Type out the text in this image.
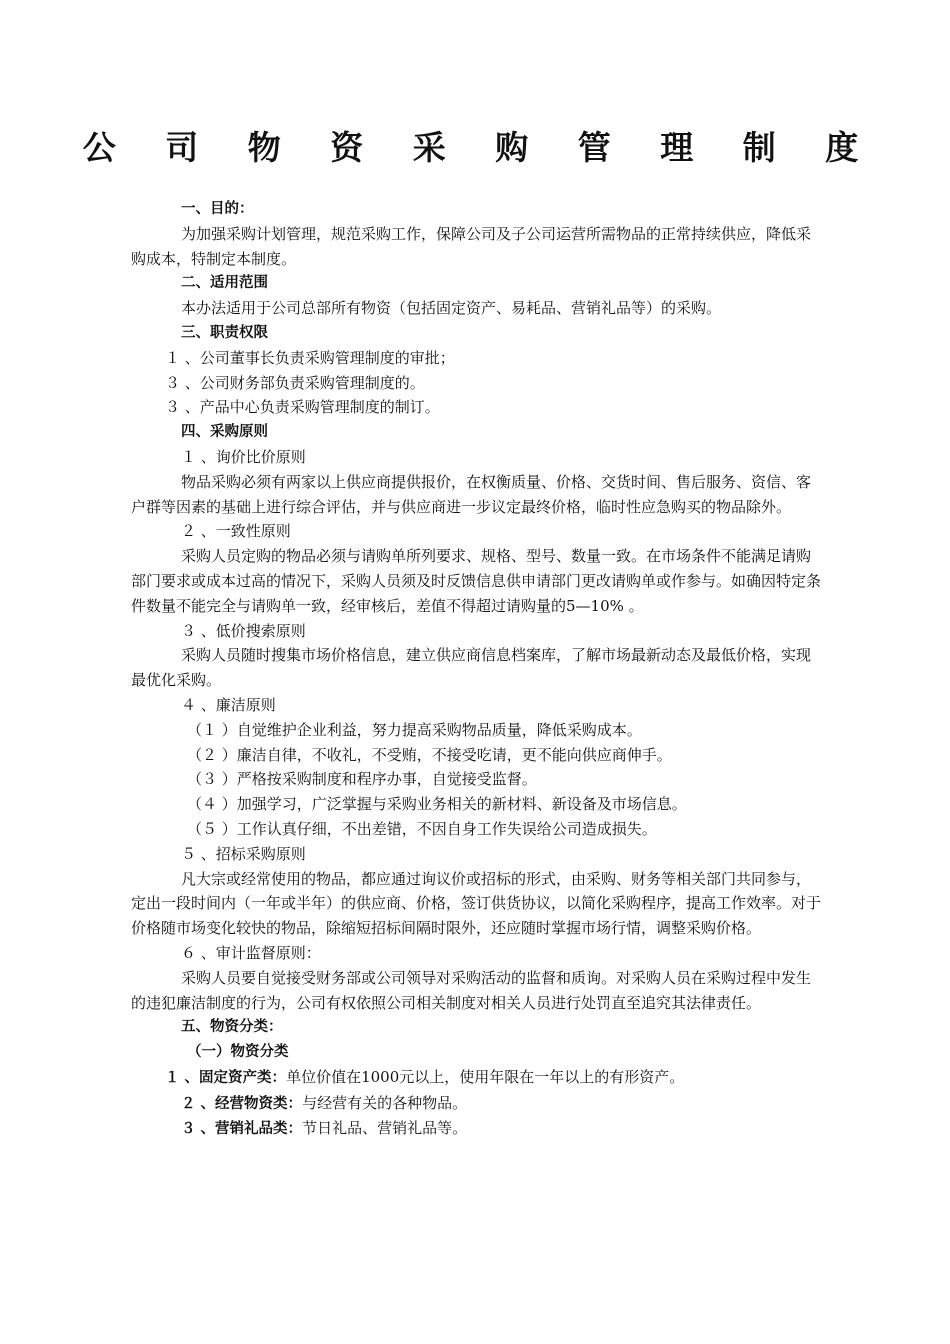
公 司 物 资 采 购 管 理 制 度

一、目的：

为加强采购计划管理，规范采购工作，保障公司及子公司运营所需物品的正常持续供应，降低采购成本，特制定本制度。

二、适用范围

本办法适用于公司总部所有物资（包括固定资产、易耗品、营销礼品等）的采购。

三、职责权限

１ 、公司董事长负责采购管理制度的审批；

３ 、公司财务部负责采购管理制度的。

３ 、产品中心负责采购管理制度的制订。

四、采购原则

１ 、询价比价原则

物品采购必须有两家以上供应商提供报价，在权衡质量、价格、交货时间、售后服务、资信、客户群等因素的基础上进行综合评估，并与供应商进一步议定最终价格，临时性应急购买的物品除外。

２ 、一致性原则

采购人员定购的物品必须与请购单所列要求、规格、型号、数量一致。在市场条件不能满足请购部门要求或成本过高的情况下，采购人员须及时反馈信息供申请部门更改请购单或作参与。如确因特定条件数量不能完全与请购单一致，经审核后，差值不得超过请购量的5—10% 。

３ 、低价搜索原则

采购人员随时搜集市场价格信息，建立供应商信息档案库，了解市场最新动态及最低价格，实现最优化采购。

４ 、廉洁原则

（１ ）自觉维护企业利益，努力提高采购物品质量，降低采购成本。

（２ ）廉洁自律，不收礼，不受贿，不接受吃请，更不能向供应商伸手。

（３ ）严格按采购制度和程序办事，自觉接受监督。

（４ ）加强学习，广泛掌握与采购业务相关的新材料、新设备及市场信息。

（５ ）工作认真仔细，不出差错，不因自身工作失误给公司造成损失。

５ 、招标采购原则

凡大宗或经常使用的物品，都应通过询议价或招标的形式，由采购、财务等相关部门共同参与，定出一段时间内（一年或半年）的供应商、价格，签订供货协议，以简化采购程序，提高工作效率。对于价格随市场变化较快的物品，除缩短招标间隔时限外，还应随时掌握市场行情，调整采购价格。

６ 、审计监督原则：

采购人员要自觉接受财务部或公司领导对采购活动的监督和质询。对采购人员在采购过程中发生的违犯廉洁制度的行为，公司有权依照公司相关制度对相关人员进行处罚直至追究其法律责任。

五、物资分类：

（一）物资分类

１ 、固定资产类：单位价值在1000元以上，使用年限在一年以上的有形资产。

２ 、经营物资类：与经营有关的各种物品。

３ 、营销礼品类：节日礼品、营销礼品等。
